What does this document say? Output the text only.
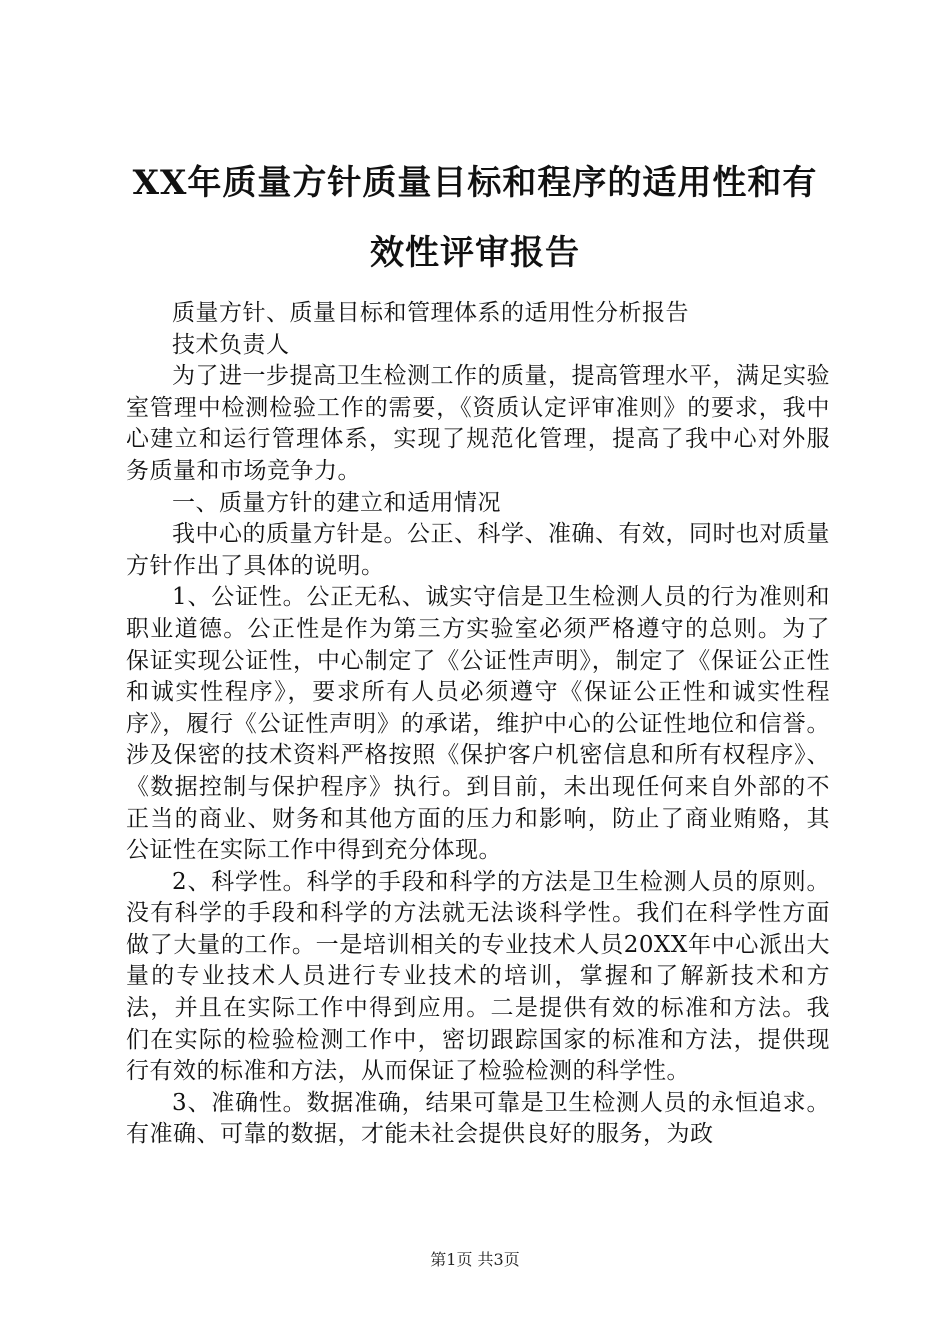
XX年质量方针质量目标和程序的适用性和有
效性评审报告

质量方针、质量目标和管理体系的适用性分析报告

技术负责人

为了进一步提高卫生检测工作的质量，提高管理水平，满足实验室管理中检测检验工作的需要，《资质认定评审准则》的要求，我中心建立和运行管理体系，实现了规范化管理，提高了我中心对外服务质量和市场竞争力。

一、质量方针的建立和适用情况

我中心的质量方针是。公正、科学、准确、有效，同时也对质量方针作出了具体的说明。

1、公证性。公正无私、诚实守信是卫生检测人员的行为准则和职业道德。公正性是作为第三方实验室必须严格遵守的总则。为了保证实现公证性，中心制定了《公证性声明》，制定了《保证公正性和诚实性程序》，要求所有人员必须遵守《保证公正性和诚实性程序》，履行《公证性声明》的承诺，维护中心的公证性地位和信誉。涉及保密的技术资料严格按照《保护客户机密信息和所有权程序》、《数据控制与保护程序》执行。到目前，未出现任何来自外部的不正当的商业、财务和其他方面的压力和影响，防止了商业贿赂，其公证性在实际工作中得到充分体现。

2、科学性。科学的手段和科学的方法是卫生检测人员的原则。没有科学的手段和科学的方法就无法谈科学性。我们在科学性方面做了大量的工作。一是培训相关的专业技术人员20XX年中心派出大量的专业技术人员进行专业技术的培训，掌握和了解新技术和方法，并且在实际工作中得到应用。二是提供有效的标准和方法。我们在实际的检验检测工作中，密切跟踪国家的标准和方法，提供现行有效的标准和方法，从而保证了检验检测的科学性。

3、准确性。数据准确，结果可靠是卫生检测人员的永恒追求。有准确、可靠的数据，才能未社会提供良好的服务，为政

第1页 共3页
